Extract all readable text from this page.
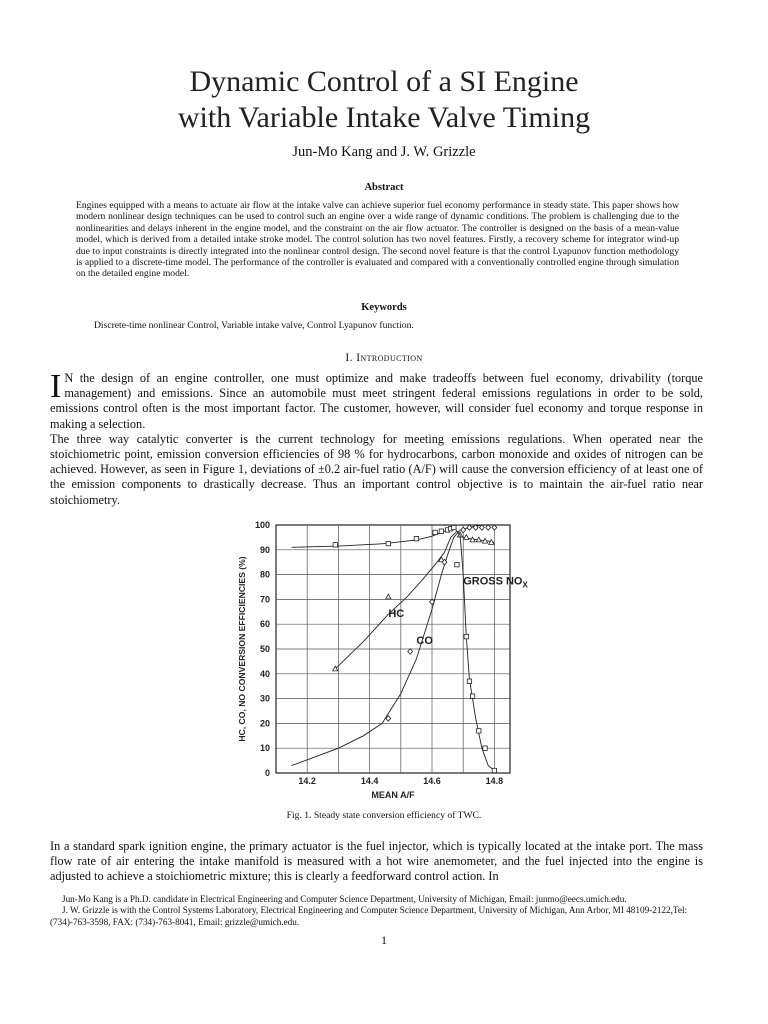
Dynamic Control of a SI Engine
with Variable Intake Valve Timing
Jun-Mo Kang and J. W. Grizzle
Abstract
Engines equipped with a means to actuate air flow at the intake valve can achieve superior fuel economy performance in steady state. This paper shows how modern nonlinear design techniques can be used to control such an engine over a wide range of dynamic conditions. The problem is challenging due to the nonlinearities and delays inherent in the engine model, and the constraint on the air flow actuator. The controller is designed on the basis of a mean-value model, which is derived from a detailed intake stroke model. The control solution has two novel features. Firstly, a recovery scheme for integrator wind-up due to input constraints is directly integrated into the nonlinear control design. The second novel feature is that the control Lyapunov function methodology is applied to a discrete-time model. The performance of the controller is evaluated and compared with a conventionally controlled engine through simulation on the detailed engine model.
Keywords
Discrete-time nonlinear Control, Variable intake valve, Control Lyapunov function.
I. Introduction

I N the design of an engine controller, one must optimize and make tradeoffs between fuel economy, drivability (torque management) and emissions. Since an automobile must meet stringent federal emissions regulations in order to be sold, emissions control often is the most important factor. The customer, however, will consider fuel economy and torque response in making a selection.

The three way catalytic converter is the current technology for meeting emissions regulations. When operated near the stoichiometric point, emission conversion efficiencies of 98 % for hydrocarbons, carbon monoxide and oxides of nitrogen can be achieved. However, as seen in Figure 1, deviations of ±0.2 air-fuel ratio (A/F) will cause the conversion efficiency of at least one of the emission components to drastically decrease. Thus an important control objective is to maintain the air-fuel ratio near stoichiometry.

0
10
20
30
40
50
60
70
80
90
100
14.2	14.4	14.6	14.8
MEAN A/F
HC, CO, NO CONVERSION EFFICIENCIES (%)	GROSS $NO_X$
HC
CO
Fig. 1. Steady state conversion efficiency of TWC.

In a standard spark ignition engine, the primary actuator is the fuel injector, which is typically located at the intake port. The mass flow rate of air entering the intake manifold is measured with a hot wire anemometer, and the fuel injected into the engine is adjusted to achieve a stoichiometric mixture; this is clearly a feedforward control action. In

Jun-Mo Kang is a Ph.D. candidate in Electrical Engineering and Computer Science Department, University of Michigan, Email: junmo@eecs.umich.edu.

J. W. Grizzle is with the Control Systems Laboratory, Electrical Engineering and Computer Science Department, University of Michigan, Ann Arbor, MI 48109-2122,Tel: (734)-763-3598, FAX: (734)-763-8041, Email: grizzle@umich.edu.

1
